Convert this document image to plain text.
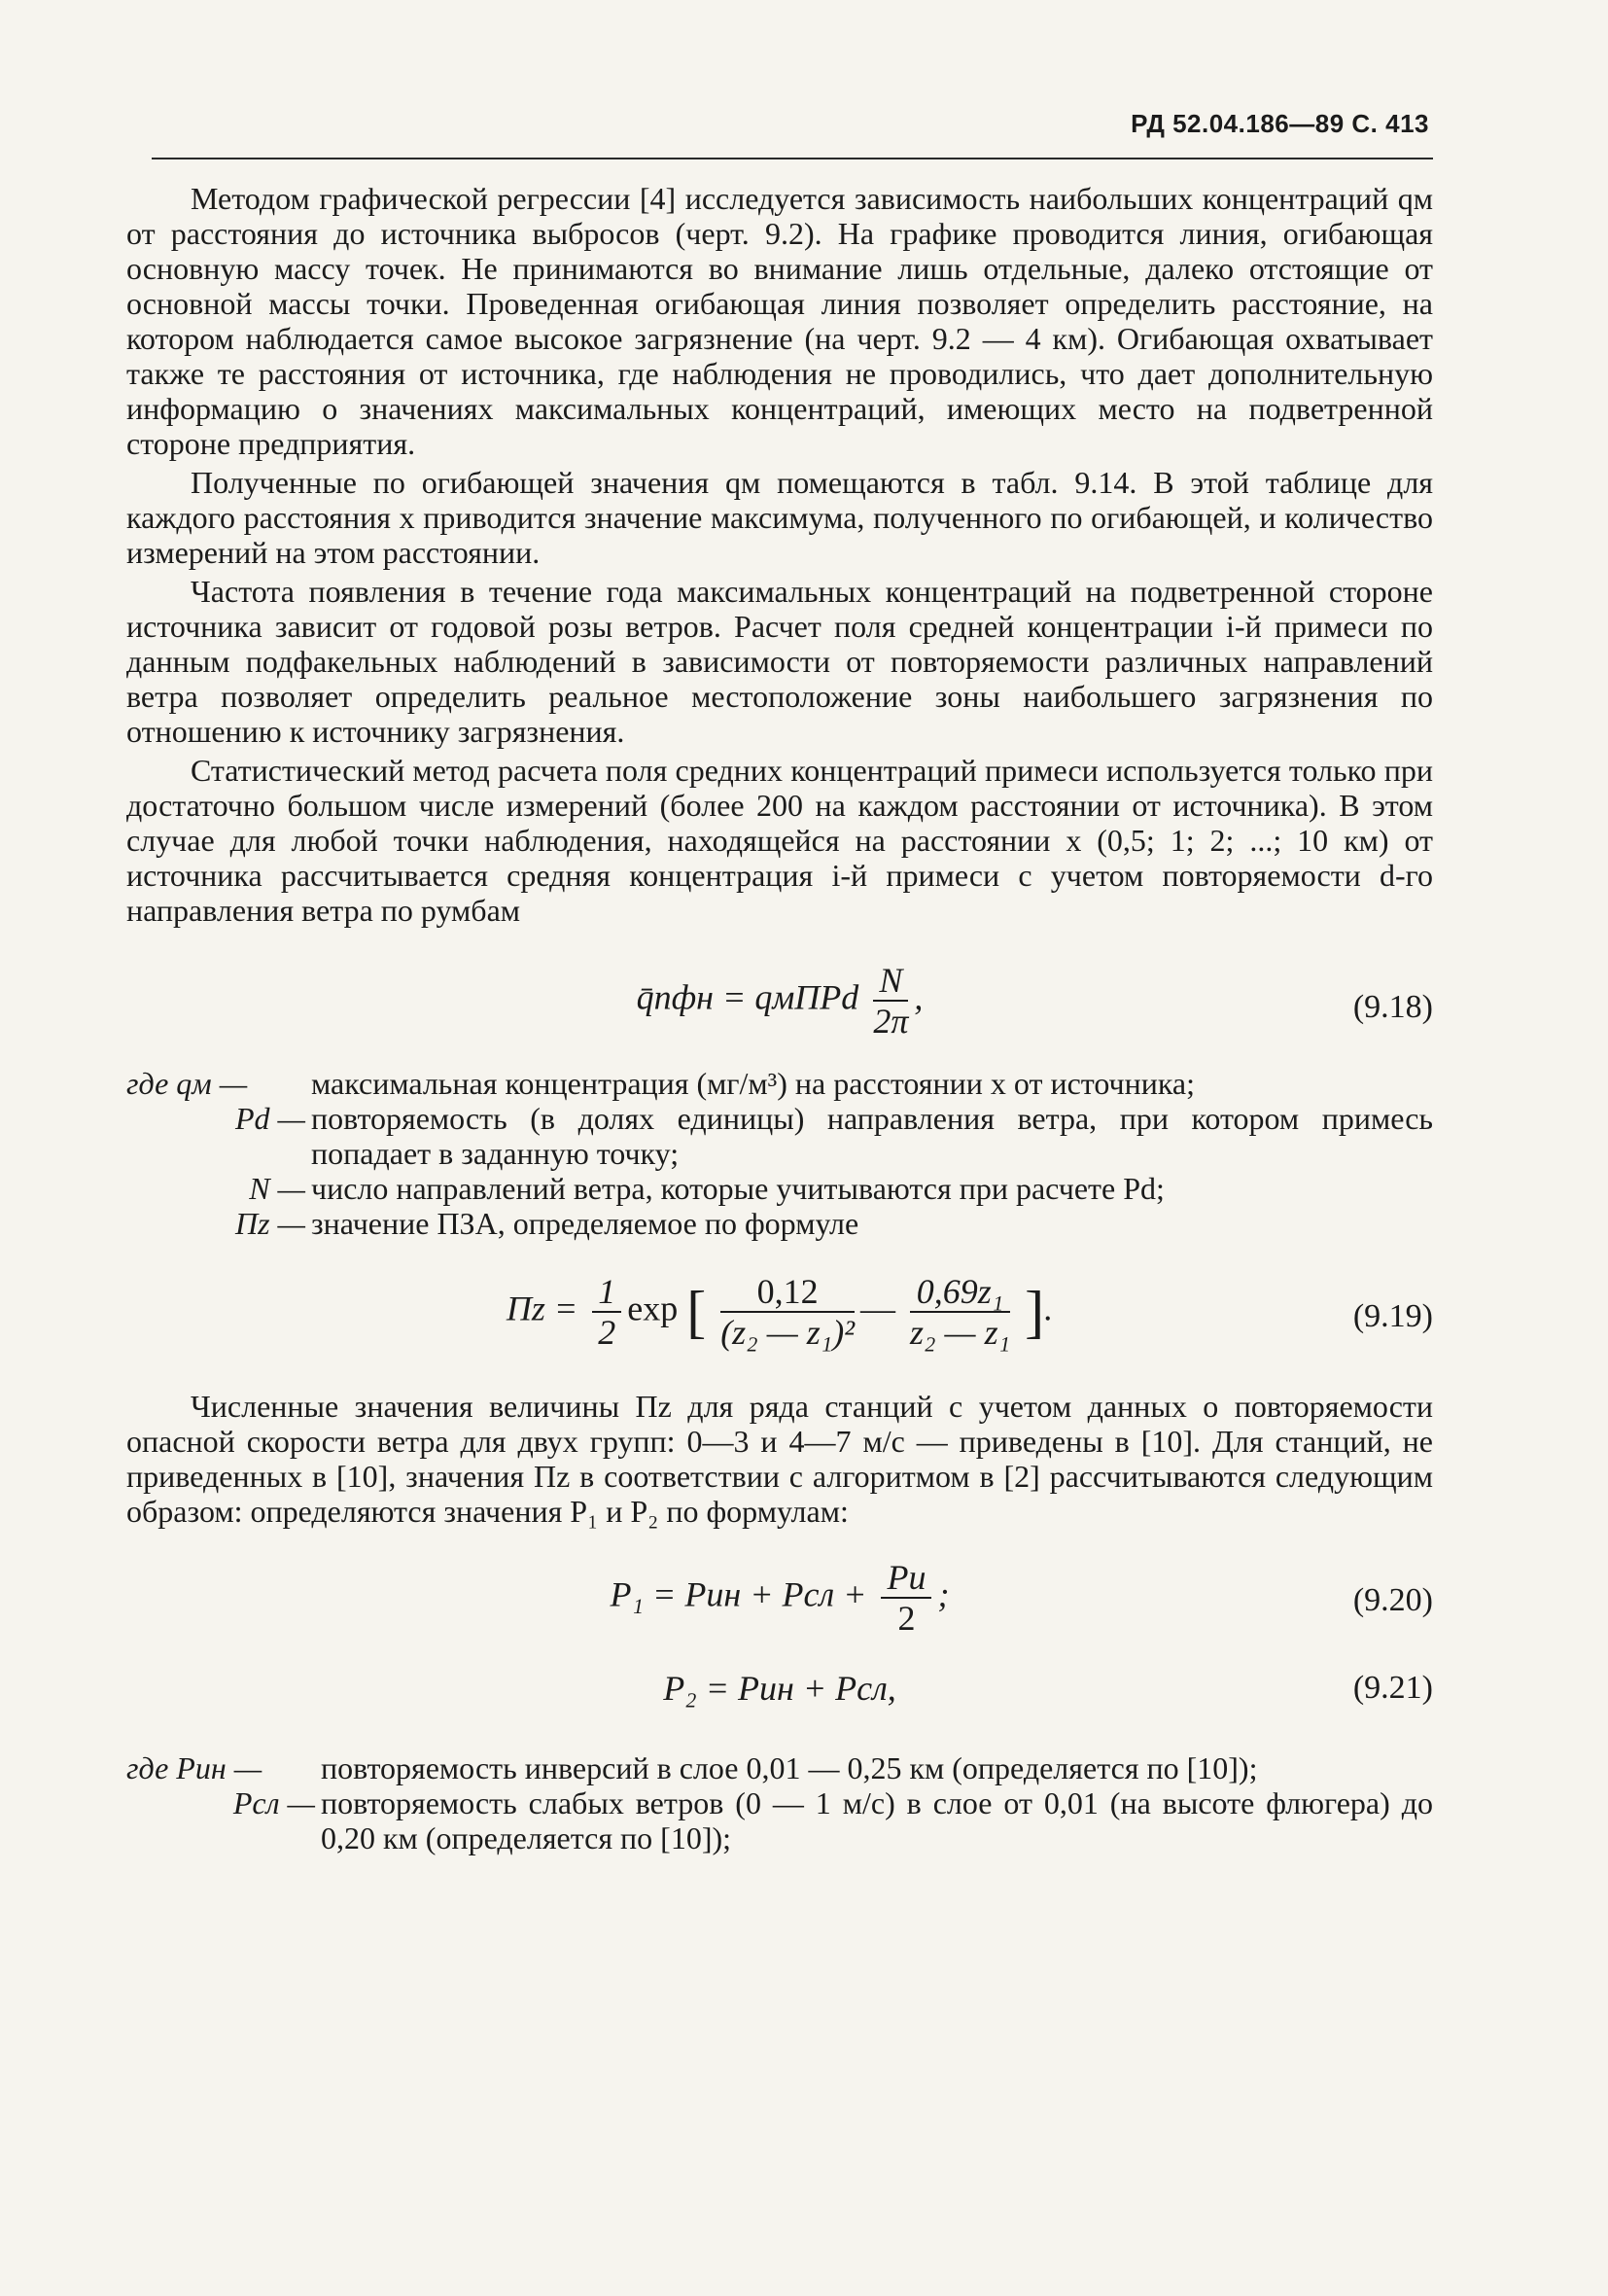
РД 52.04.186—89 С. 413

Методом графической регрессии [4] исследуется зависимость наибольших концентраций qм от расстояния до источника выбросов (черт. 9.2). На графике проводится линия, огибающая основную массу точек. Не принимаются во внимание лишь отдельные, далеко отстоящие от основной массы точки. Проведенная огибающая линия позволяет определить расстояние, на котором наблюдается самое высокое загрязнение (на черт. 9.2 — 4 км). Огибающая охватывает также те расстояния от источника, где наблюдения не проводились, что дает дополнительную информацию о значениях максимальных концентраций, имеющих место на подветренной стороне предприятия.

Полученные по огибающей значения qм помещаются в табл. 9.14. В этой таблице для каждого расстояния x приводится значение максимума, полученного по огибающей, и количество измерений на этом расстоянии.

Частота появления в течение года максимальных концентраций на подветренной стороне источника зависит от годовой розы ветров. Расчет поля средней концентрации i-й примеси по данным подфакельных наблюдений в зависимости от повторяемости различных направлений ветра позволяет определить реальное местоположение зоны наибольшего загрязнения по отношению к источнику загрязнения.

Статистический метод расчета поля средних концентраций примеси используется только при достаточно большом числе измерений (более 200 на каждом расстоянии от источника). В этом случае для любой точки наблюдения, находящейся на расстоянии x (0,5; 1; 2; ...; 10 км) от источника рассчитывается средняя концентрация i-й примеси с учетом повторяемости d-го направления ветра по румбам

q̄пфн = qмПPd $\frac{N}{2\pi}$ ,	(9.18)
где qм —	максимальная концентрация (мг/м³) на расстоянии x от источника;
Pd — повторяемость (в долях единицы) направления ветра, при котором примесь попадает в заданную точку;
N — число направлений ветра, которые учитываются при расчете Pd;
Пz — значение ПЗА, определяемое по формуле
Пz = $\frac{1}{2}$ exp [ $\frac{0,12}{\text{(z₂ — z₁)²}}$ — $\frac{\text{0,69z₁}}{\text{z₂ — z₁}}$ ].	(9.19)

Численные значения величины Пz для ряда станций с учетом данных о повторяемости опасной скорости ветра для двух групп: 0—3 и 4—7 м/с — приведены в [10]. Для станций, не приведенных в [10], значения Пz в соответствии с алгоритмом в [2] рассчитываются следующим образом: определяются значения P₁ и P₂ по формулам:

P₁ = Pин + Pсл + $\frac{Pu}{2}$ ;	(9.20)
P₂ = Pин + Pсл,	(9.21)
где Pин —	повторяемость инверсий в слое 0,01 — 0,25 км (определяется по [10]);
Pсл — повторяемость слабых ветров (0 — 1 м/с) в слое от 0,01 (на высоте флюгера) до 0,20 км (определяется по [10]);
